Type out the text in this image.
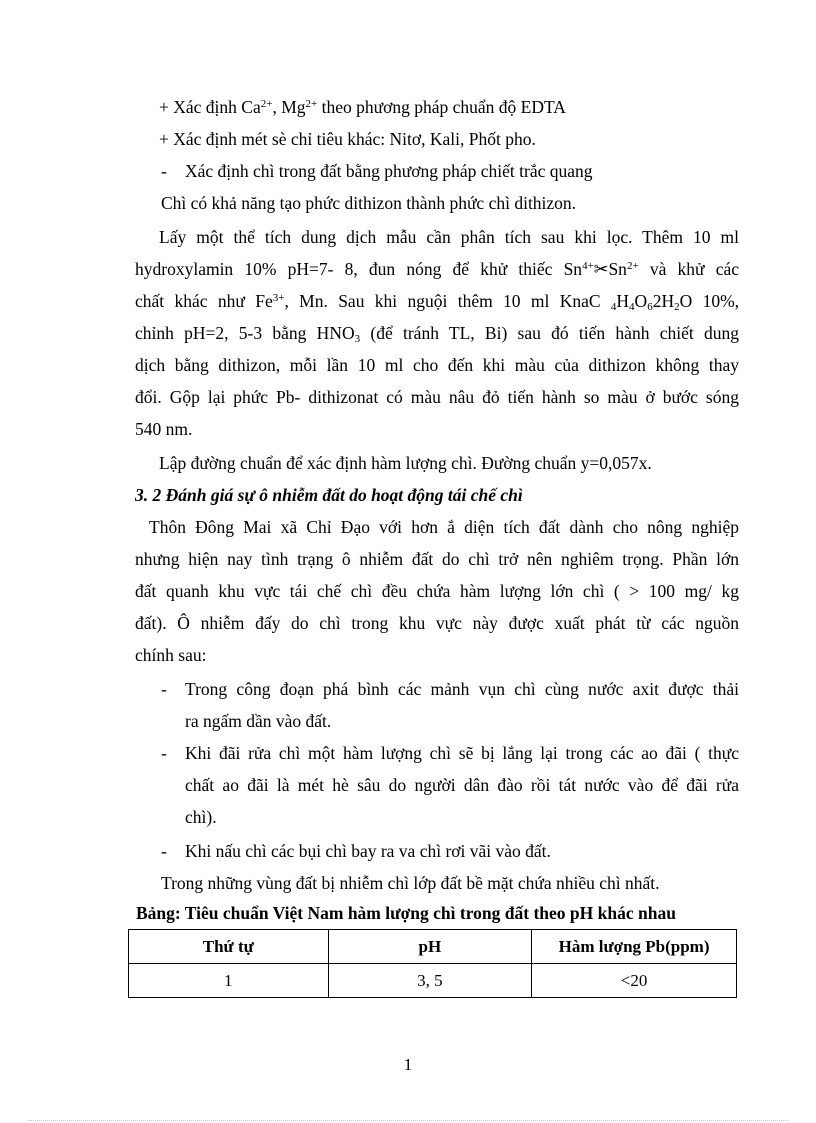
+ Xác định $Ca^{2+}$, $Mg^{2+}$ theo phương pháp chuẩn độ EDTA
+ Xác định mét sè chỉ tiêu khác: Nitơ, Kali, Phốt pho.
- Xác định chì trong đất bằng phương pháp chiết trắc quang
Chì có khả năng tạo phức dithizon thành phức chì dithizon.
Lấy một thể tích dung dịch mẫu cần phân tích sau khi lọc. Thêm 10 ml
hydroxylamin 10% pH=7- 8, đun nóng để khử thiếc $Sn^{4+}✂Sn^{2+}$ và khử các
chất khác như $Fe^{3+}$, Mn. Sau khi nguội thêm 10 ml KnaC $_4H_4O_62H_2O$ 10%,
chỉnh pH=2, 5-3 bằng $HNO_3$ (để tránh TL, Bi) sau đó tiến hành chiết dung
dịch bằng dithizon, mỗi lần 10 ml cho đến khi màu của dithizon không thay
đổi. Gộp lại phức Pb- dithizonat có màu nâu đỏ tiến hành so màu ở bước sóng
540 nm.
Lập đường chuẩn để xác định hàm lượng chì. Đường chuẩn y=0,057x.
3. 2 Đánh giá sự ô nhiễm đất do hoạt động tái chế chì
Thôn Đông Mai xã Chỉ Đạo với hơn ắ diện tích đất dành cho nông nghiệp
nhưng hiện nay tình trạng ô nhiễm đất do chì trở nên nghiêm trọng. Phần lớn
đất quanh khu vực tái chế chì đều chứa hàm lượng lớn chì ( > 100 mg/ kg
đất). Ô nhiễm đấy do chì trong khu vực này được xuất phát từ các nguồn
chính sau:
- Trong công đoạn phá bình các mảnh vụn chì cùng nước axit được thải
ra ngấm dần vào đất.
- Khi đãi rửa chì một hàm lượng chì sẽ bị lắng lại trong các ao đãi ( thực
chất ao đãi là mét hè sâu do người dân đào rồi tát nước vào để đãi rửa
chì).
- Khi nấu chì các bụi chì bay ra va chì rơi vãi vào đất.
Trong những vùng đất bị nhiễm chì lớp đất bề mặt chứa nhiều chì nhất.
Bảng: Tiêu chuẩn Việt Nam hàm lượng chì trong đất theo pH khác nhau
Thứ tự	pH	Hàm lượng Pb(ppm)
1	3, 5	<20
1
